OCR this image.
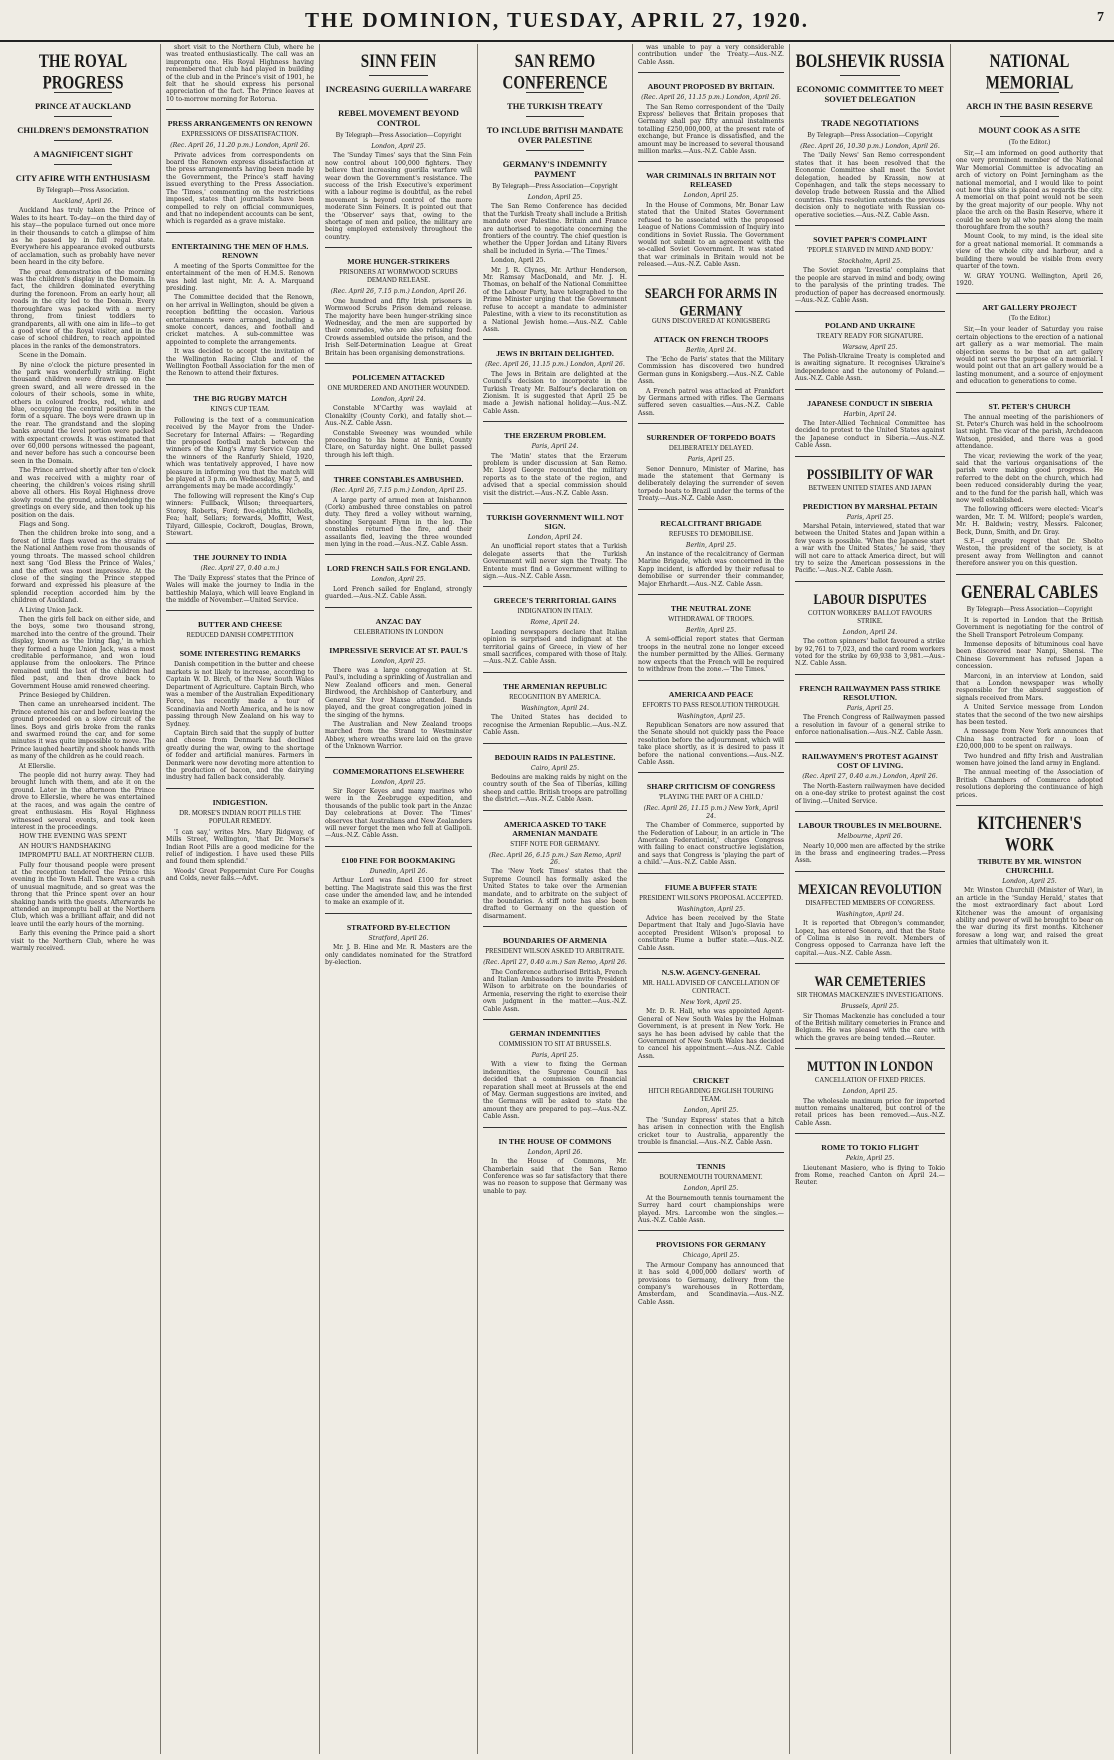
THE DOMINION, TUESDAY, APRIL 27, 1920.	7
THE ROYAL PROGRESS
PRINCE AT AUCKLAND
CHILDREN'S DEMONSTRATION
A MAGNIFICENT SIGHT
CITY AFIRE WITH ENTHUSIASM
By Telegraph—Press Association.
Auckland, April 26.

Auckland has truly taken the Prince of Wales to its heart. To-day—on the third day of his stay—the populace turned out once more in their thousands to catch a glimpse of him as he passed by in full regal state. Everywhere his appearance evoked outbursts of acclamation, such as probably have never been heard in the city before.

The great demonstration of the morning was the children's display in the Domain. In fact, the children dominated everything during the forenoon. From an early hour, all roads in the city led to the Domain. Every thoroughfare was packed with a merry throng, from tiniest toddlers to grandparents, all with one aim in life—to get a good view of the Royal visitor, and in the case of school children, to reach appointed places in the ranks of the demonstrators.

Scene in the Domain.

By nine o'clock the picture presented in the park was wonderfully striking. Eight thousand children were drawn up on the green sward, and all were dressed in the colours of their schools, some in white, others in coloured frocks, red, white and blue, occupying the central position in the form of a square. The boys were drawn up in the rear. The grandstand and the sloping banks around the level portion were packed with expectant crowds. It was estimated that over 60,000 persons witnessed the pageant, and never before has such a concourse been seen in the Domain.

The Prince arrived shortly after ten o'clock and was received with a mighty roar of cheering, the children's voices rising shrill above all others. His Royal Highness drove slowly round the ground, acknowledging the greetings on every side, and then took up his position on the dais.

Flags and Song.

Then the children broke into song, and a forest of little flags waved as the strains of the National Anthem rose from thousands of young throats. The massed school children next sang 'God Bless the Prince of Wales,' and the effect was most impressive. At the close of the singing the Prince stepped forward and expressed his pleasure at the splendid reception accorded him by the children of Auckland.

A Living Union Jack.

Then the girls fell back on either side, and the boys, some two thousand strong, marched into the centre of the ground. Their display, known as 'the living flag,' in which they formed a huge Union Jack, was a most creditable performance, and won loud applause from the onlookers. The Prince remained until the last of the children had filed past, and then drove back to Government House amid renewed cheering.

Prince Besieged by Children.

Then came an unrehearsed incident. The Prince entered his car and before leaving the ground proceeded on a slow circuit of the lines. Boys and girls broke from the ranks and swarmed round the car, and for some minutes it was quite impossible to move. The Prince laughed heartily and shook hands with as many of the children as he could reach.

At Ellerslie.

The people did not hurry away. They had brought lunch with them, and ate it on the ground. Later in the afternoon the Prince drove to Ellerslie, where he was entertained at the races, and was again the centre of great enthusiasm. His Royal Highness witnessed several events, and took keen interest in the proceedings.

HOW THE EVENING WAS SPENT

AN HOUR'S HANDSHAKING

IMPROMPTU BALL AT NORTHERN CLUB.

Fully four thousand people were present at the reception tendered the Prince this evening in the Town Hall. There was a crush of unusual magnitude, and so great was the throng that the Prince spent over an hour shaking hands with the guests. Afterwards he attended an impromptu ball at the Northern Club, which was a brilliant affair, and did not leave until the early hours of the morning.

Early this evening the Prince paid a short visit to the Northern Club, where he was warmly received.

short visit to the Northern Club, where he was treated enthusiastically. The call was an impromptu one. His Royal Highness having remembered that club had played in building of the club and in the Prince's visit of 1901, he felt that he should express his personal appreciation of the fact. The Prince leaves at 10 to-morrow morning for Rotorua.

PRESS ARRANGEMENTS ON RENOWN
EXPRESSIONS OF DISSATISFACTION.
(Rec. April 26, 11.20 p.m.) London, April 26.

Private advices from correspondents on board the Renown express dissatisfaction at the press arrangements having been made by the Government, the Prince's staff having issued everything to the Press Association. The 'Times,' commenting on the restrictions imposed, states that journalists have been compelled to rely on official communiques, and that no independent accounts can be sent, which is regarded as a grave mistake.

ENTERTAINING THE MEN OF H.M.S. RENOWN

A meeting of the Sports Committee for the entertainment of the men of H.M.S. Renown was held last night, Mr. A. A. Marquand presiding.

The Committee decided that the Renown, on her arrival in Wellington, should be given a reception befitting the occasion. Various entertainments were arranged, including a smoke concert, dances, and football and cricket matches. A sub-committee was appointed to complete the arrangements.

It was decided to accept the invitation of the Wellington Racing Club and of the Wellington Football Association for the men of the Renown to attend their fixtures.

THE BIG RUGBY MATCH
KING'S CUP TEAM.

Following is the text of a communication received by the Mayor from the Under-Secretary for Internal Affairs: — 'Regarding the proposed football match between the winners of the King's Army Service Cup and the winners of the Ranfurly Shield, 1920, which was tentatively approved, I have now pleasure in informing you that the match will be played at 3 p.m. on Wednesday, May 5, and arrangements may be made accordingly.'

The following will represent the King's Cup winners: Fullback, Wilson; threequarters, Storey, Roberts, Ford; five-eighths, Nicholls, Fea; half, Sellars; forwards, Moffitt, West, Tilyard, Gillespie, Cockroft, Douglas, Brown, Stewart.

THE JOURNEY TO INDIA
(Rec. April 27, 0.40 a.m.)

The 'Daily Express' states that the Prince of Wales will make the journey to India in the battleship Malaya, which will leave England in the middle of November.—United Service.

BUTTER AND CHEESE
REDUCED DANISH COMPETITION
SOME INTERESTING REMARKS

Danish competition in the butter and cheese markets is not likely to increase, according to Captain W. D. Birch, of the New South Wales Department of Agriculture. Captain Birch, who was a member of the Australian Expeditionary Force, has recently made a tour of Scandinavia and North America, and he is now passing through New Zealand on his way to Sydney.

Captain Birch said that the supply of butter and cheese from Denmark had declined greatly during the war, owing to the shortage of fodder and artificial manures. Farmers in Denmark were now devoting more attention to the production of bacon, and the dairying industry had fallen back considerably.

INDIGESTION.
DR. MORSE'S INDIAN ROOT PILLS THE POPULAR REMEDY.

'I can say,' writes Mrs. Mary Ridgway, of Mills Street, Wellington, 'that Dr. Morse's Indian Root Pills are a good medicine for the relief of indigestion. I have used these Pills and found them splendid.'

Woods' Great Peppermint Cure For Coughs and Colds, never fails.—Advt.

SINN FEIN
INCREASING GUERILLA WARFARE
REBEL MOVEMENT BEYOND CONTROL
By Telegraph—Press Association—Copyright
London, April 25.

The 'Sunday Times' says that the Sinn Fein now control about 100,000 fighters. They believe that increasing guerilla warfare will wear down the Government's resistance. The success of the Irish Executive's experiment with a labour regime is doubtful, as the rebel movement is beyond control of the more moderate Sinn Feiners. It is pointed out that the 'Observer' says that, owing to the shortage of men and police, the military are being employed extensively throughout the country.

MORE HUNGER-STRIKERS
PRISONERS AT WORMWOOD SCRUBS DEMAND RELEASE.
(Rec. April 26, 7.15 p.m.) London, April 26.

One hundred and fifty Irish prisoners in Wormwood Scrubs Prison demand release. The majority have been hunger-striking since Wednesday, and the men are supported by their comrades, who are also refusing food. Crowds assembled outside the prison, and the Irish Self-Determination League at Great Britain has been organising demonstrations.

POLICEMEN ATTACKED
ONE MURDERED AND ANOTHER WOUNDED.
London, April 24.

Constable M'Carthy was waylaid at Clonakilty (County Cork), and fatally shot.—Aus.-N.Z. Cable Assn.

Constable Sweeney was wounded while proceeding to his home at Ennis, County Clare, on Saturday night. One bullet passed through his left thigh.

THREE CONSTABLES AMBUSHED.
(Rec. April 26, 7.15 p.m.) London, April 25.

A large party of armed men at Inishannon (Cork) ambushed three constables on patrol duty. They fired a volley without warning, shooting Sergeant Flynn in the leg. The constables returned the fire, and their assailants fled, leaving the three wounded men lying in the road.—Aus.-N.Z. Cable Assn.

LORD FRENCH SAILS FOR ENGLAND.
London, April 25.

Lord French sailed for England, strongly guarded.—Aus.-N.Z. Cable Assn.

ANZAC DAY
CELEBRATIONS IN LONDON
IMPRESSIVE SERVICE AT ST. PAUL'S
London, April 25.

There was a large congregation at St. Paul's, including a sprinkling of Australian and New Zealand officers and men. General Birdwood, the Archbishop of Canterbury, and General Sir Ivor Maxse attended. Bands played, and the great congregation joined in the singing of the hymns.

The Australian and New Zealand troops marched from the Strand to Westminster Abbey, where wreaths were laid on the grave of the Unknown Warrior.

COMMEMORATIONS ELSEWHERE
London, April 25.

Sir Roger Keyes and many marines who were in the Zeebrugge expedition, and thousands of the public took part in the Anzac Day celebrations at Dover. The 'Times' observes that Australians and New Zealanders will never forget the men who fell at Gallipoli.—Aus.-N.Z. Cable Assn.

£100 FINE FOR BOOKMAKING
Dunedin, April 26.

Arthur Lord was fined £100 for street betting. The Magistrate said this was the first case under the amended law, and he intended to make an example of it.

STRATFORD BY-ELECTION
Stratford, April 26.

Mr. J. B. Hine and Mr. R. Masters are the only candidates nominated for the Stratford by-election.

SAN REMO CONFERENCE
THE TURKISH TREATY
TO INCLUDE BRITISH MANDATE OVER PALESTINE
GERMANY'S INDEMNITY PAYMENT
By Telegraph—Press Association—Copyright
London, April 25.

The San Remo Conference has decided that the Turkish Treaty shall include a British mandate over Palestine. Britain and France are authorised to negotiate concerning the frontiers of the country. The chief question is whether the Upper Jordan and Litany Rivers shall be included in Syria.—'The Times.'

London, April 25.

Mr. J. R. Clynes, Mr. Arthur Henderson, Mr. Ramsay MacDonald, and Mr. J. H. Thomas, on behalf of the National Committee of the Labour Party, have telegraphed to the Prime Minister urging that the Government refuse to accept a mandate to administer Palestine, with a view to its reconstitution as a National Jewish home.—Aus.-N.Z. Cable Assn.

JEWS IN BRITAIN DELIGHTED.
(Rec. April 26, 11.15 p.m.) London, April 26.

The Jews in Britain are delighted at the Council's decision to incorporate in the Turkish Treaty Mr. Balfour's declaration on Zionism. It is suggested that April 25 be made a Jewish national holiday.—Aus.-N.Z. Cable Assn.

THE ERZERUM PROBLEM.
Paris, April 24.

The 'Matin' states that the Erzerum problem is under discussion at San Remo. Mr. Lloyd George recounted the military reports as to the state of the region, and advised that a special commission should visit the district.—Aus.-N.Z. Cable Assn.

TURKISH GOVERNMENT WILL NOT SIGN.
London, April 24.

An unofficial report states that a Turkish delegate asserts that the Turkish Government will never sign the Treaty. The Entente must find a Government willing to sign.—Aus.-N.Z. Cable Assn.

GREECE'S TERRITORIAL GAINS
INDIGNATION IN ITALY.
Rome, April 24.

Leading newspapers declare that Italian opinion is surprised and indignant at the territorial gains of Greece, in view of her small sacrifices, compared with those of Italy.—Aus.-N.Z. Cable Assn.

THE ARMENIAN REPUBLIC
RECOGNITION BY AMERICA.
Washington, April 24.

The United States has decided to recognise the Armenian Republic.—Aus.-N.Z. Cable Assn.

BEDOUIN RAIDS IN PALESTINE.
Cairo, April 25.

Bedouins are making raids by night on the country south of the Sea of Tiberias, killing sheep and cattle. British troops are patrolling the district.—Aus.-N.Z. Cable Assn.

AMERICA ASKED TO TAKE ARMENIAN MANDATE
STIFF NOTE FOR GERMANY.
(Rec. April 26, 6.15 p.m.) San Remo, April 26.

The 'New York Times' states that the Supreme Council has formally asked the United States to take over the Armenian mandate, and to arbitrate on the subject of the boundaries. A stiff note has also been drafted to Germany on the question of disarmament.

BOUNDARIES OF ARMENIA
PRESIDENT WILSON ASKED TO ARBITRATE.
(Rec. April 27, 0.40 a.m.) San Remo, April 26.

The Conference authorised British, French and Italian Ambassadors to invite President Wilson to arbitrate on the boundaries of Armenia, reserving the right to exercise their own judgment in the matter.—Aus.-N.Z. Cable Assn.

GERMAN INDEMNITIES
COMMISSION TO SIT AT BRUSSELS.
Paris, April 25.

With a view to fixing the German indemnities, the Supreme Council has decided that a commission on financial reparation shall meet at Brussels at the end of May. German suggestions are invited, and the Germans will be asked to state the amount they are prepared to pay.—Aus.-N.Z. Cable Assn.

IN THE HOUSE OF COMMONS
London, April 26.

In the House of Commons, Mr. Chamberlain said that the San Remo Conference was so far satisfactory that there was no reason to suppose that Germany was unable to pay.

was unable to pay a very considerable contribution under the Treaty.—Aus.-N.Z. Cable Assn.

ABOUNT PROPOSED BY BRITAIN.
(Rec. April 26, 11.15 p.m.) London, April 26.

The San Remo correspondent of the 'Daily Express' believes that Britain proposes that Germany shall pay fifty annual instalments totalling £250,000,000, at the present rate of exchange, but France is dissatisfied, and the amount may be increased to several thousand million marks.—Aus.-N.Z. Cable Assn.

WAR CRIMINALS IN BRITAIN NOT RELEASED
London, April 25.

In the House of Commons, Mr. Bonar Law stated that the United States Government refused to be associated with the proposed League of Nations Commission of Inquiry into conditions in Soviet Russia. The Government would not submit to an agreement with the so-called Soviet Government. It was stated that war criminals in Britain would not be released.—Aus.-N.Z. Cable Assn.

SEARCH FOR ARMS IN GERMANY
GUNS DISCOVERED AT KONIGSBERG
ATTACK ON FRENCH TROOPS
Berlin, April 24.

The 'Echo de Paris' states that the Military Commission has discovered two hundred German guns in Konigsberg.—Aus.-N.Z. Cable Assn.

A French patrol was attacked at Frankfort by Germans armed with rifles. The Germans suffered seven casualties.—Aus.-N.Z. Cable Assn.

SURRENDER OF TORPEDO BOATS
DELIBERATELY DELAYED.
Paris, April 25.

Senor Dennuro, Minister of Marine, has made the statement that Germany is deliberately delaying the surrender of seven torpedo boats to Brazil under the terms of the Treaty.—Aus.-N.Z. Cable Assn.

RECALCITRANT BRIGADE
REFUSES TO DEMOBILISE.
Berlin, April 25.

An instance of the recalcitrancy of German Marine Brigade, which was concerned in the Kapp incident, is afforded by their refusal to demobilise or surrender their commander, Major Ehrhardt.—Aus.-N.Z. Cable Assn.

THE NEUTRAL ZONE
WITHDRAWAL OF TROOPS.
Berlin, April 25.

A semi-official report states that German troops in the neutral zone no longer exceed the number permitted by the Allies. Germany now expects that the French will be required to withdraw from the zone.—'The Times.'

AMERICA AND PEACE
EFFORTS TO PASS RESOLUTION THROUGH.
Washington, April 25.

Republican Senators are now assured that the Senate should not quickly pass the Peace resolution before the adjournment, which will take place shortly, as it is desired to pass it before the national conventions.—Aus.-N.Z. Cable Assn.

SHARP CRITICISM OF CONGRESS
'PLAYING THE PART OF A CHILD.'
(Rec. April 26, 11.15 p.m.) New York, April 24.

The Chamber of Commerce, supported by the Federation of Labour, in an article in 'The American Federationist,' charges Congress with failing to enact constructive legislation, and says that Congress is 'playing the part of a child.'—Aus.-N.Z. Cable Assn.

FIUME A BUFFER STATE
PRESIDENT WILSON'S PROPOSAL ACCEPTED.
Washington, April 25.

Advice has been received by the State Department that Italy and Jugo-Slavia have accepted President Wilson's proposal to constitute Fiume a buffer state.—Aus.-N.Z. Cable Assn.

N.S.W. AGENCY-GENERAL
MR. HALL ADVISED OF CANCELLATION OF CONTRACT.
New York, April 25.

Mr. D. R. Hall, who was appointed Agent-General of New South Wales by the Holman Government, is at present in New York. He says he has been advised by cable that the Government of New South Wales has decided to cancel his appointment.—Aus.-N.Z. Cable Assn.

CRICKET
HITCH REGARDING ENGLISH TOURING TEAM.
London, April 25.

The 'Sunday Express' states that a hitch has arisen in connection with the English cricket tour to Australia, apparently the trouble is financial.—Aus.-N.Z. Cable Assn.

TENNIS
BOURNEMOUTH TOURNAMENT.
London, April 25.

At the Bournemouth tennis tournament the Surrey hard court championships were played. Mrs. Larcombe won the singles.—Aus.-N.Z. Cable Assn.

PROVISIONS FOR GERMANY
Chicago, April 25.

The Armour Company has announced that it has sold 4,000,000 dollars' worth of provisions to Germany, delivery from the company's warehouses in Rotterdam, Amsterdam, and Scandinavia.—Aus.-N.Z. Cable Assn.

BOLSHEVIK RUSSIA
ECONOMIC COMMITTEE TO MEET SOVIET DELEGATION
TRADE NEGOTIATIONS
By Telegraph—Press Association—Copyright
(Rec. April 26, 10.30 p.m.) London, April 26.

The 'Daily News' San Remo correspondent states that it has been resolved that the Economic Committee shall meet the Soviet delegation, headed by Krassin, now at Copenhagen, and talk the steps necessary to develop trade between Russia and the Allied countries. This resolution extends the previous decision only to negotiate with Russian co-operative societies.—Aus.-N.Z. Cable Assn.

SOVIET PAPER'S COMPLAINT
'PEOPLE STARVED IN MIND AND BODY.'
Stockholm, April 25.

The Soviet organ 'Izvestia' complains that the people are starved in mind and body, owing to the paralysis of the printing trades. The production of paper has decreased enormously.—Aus.-N.Z. Cable Assn.

POLAND AND UKRAINE
TREATY READY FOR SIGNATURE.
Warsaw, April 25.

The Polish-Ukraine Treaty is completed and is awaiting signature. It recognises Ukraine's independence and the autonomy of Poland.—Aus.-N.Z. Cable Assn.

JAPANESE CONDUCT IN SIBERIA
Harbin, April 24.

The Inter-Allied Technical Committee has decided to protest to the United States against the Japanese conduct in Siberia.—Aus.-N.Z. Cable Assn.

POSSIBILITY OF WAR
BETWEEN UNITED STATES AND JAPAN
PREDICTION BY MARSHAL PETAIN
Paris, April 25.

Marshal Petain, interviewed, stated that war between the United States and Japan within a few years is possible. 'When the Japanese start a war with the United States,' he said, 'they will not care to attack America direct, but will try to seize the American possessions in the Pacific.'—Aus.-N.Z. Cable Assn.

LABOUR DISPUTES
COTTON WORKERS' BALLOT FAVOURS STRIKE.
London, April 24.

The cotton spinners' ballot favoured a strike by 92,761 to 7,023, and the card room workers voted for the strike by 69,938 to 3,981.—Aus.-N.Z. Cable Assn.

FRENCH RAILWAYMEN PASS STRIKE RESOLUTION.
Paris, April 25.

The French Congress of Railwaymen passed a resolution in favour of a general strike to enforce nationalisation.—Aus.-N.Z. Cable Assn.

RAILWAYMEN'S PROTEST AGAINST COST OF LIVING.
(Rec. April 27, 0.40 a.m.) London, April 26.

The North-Eastern railwaymen have decided on a one-day strike to protest against the cost of living.—United Service.

LABOUR TROUBLES IN MELBOURNE.
Melbourne, April 26.

Nearly 10,000 men are affected by the strike in the brass and engineering trades.—Press Assn.

MEXICAN REVOLUTION
DISAFFECTED MEMBERS OF CONGRESS.
Washington, April 24.

It is reported that Obregon's commander, Lopez, has entered Sonora, and that the State of Colima is also in revolt. Members of Congress opposed to Carranza have left the capital.—Aus.-N.Z. Cable Assn.

WAR CEMETERIES
SIR THOMAS MACKENZIE'S INVESTIGATIONS.
Brussels, April 25.

Sir Thomas Mackenzie has concluded a tour of the British military cemeteries in France and Belgium. He was pleased with the care with which the graves are being tended.—Reuter.

MUTTON IN LONDON
CANCELLATION OF FIXED PRICES.
London, April 25.

The wholesale maximum price for imported mutton remains unaltered, but control of the retail prices has been removed.—Aus.-N.Z. Cable Assn.

ROME TO TOKIO FLIGHT
Pekin, April 25.

Lieutenant Masiero, who is flying to Tokio from Rome, reached Canton on April 24.—Reuter.

NATIONAL MEMORIAL
ARCH IN THE BASIN RESERVE
MOUNT COOK AS A SITE
(To the Editor.)

Sir,—I am informed on good authority that one very prominent member of the National War Memorial Committee is advocating an arch of victory on Point Jerningham as the national memorial, and I would like to point out how this site is placed as regards the city. A memorial on that point would not be seen by the great majority of our people. Why not place the arch on the Basin Reserve, where it could be seen by all who pass along the main thoroughfare from the south?

Mount Cook, to my mind, is the ideal site for a great national memorial. It commands a view of the whole city and harbour, and a building there would be visible from every quarter of the town.

W. GRAY YOUNG. Wellington, April 26, 1920.

ART GALLERY PROJECT
(To the Editor.)

Sir,—In your leader of Saturday you raise certain objections to the erection of a national art gallery as a war memorial. The main objection seems to be that an art gallery would not serve the purpose of a memorial. I would point out that an art gallery would be a lasting monument, and a source of enjoyment and education to generations to come.

ST. PETER'S CHURCH

The annual meeting of the parishioners of St. Peter's Church was held in the schoolroom last night. The vicar of the parish, Archdeacon Watson, presided, and there was a good attendance.

The vicar, reviewing the work of the year, said that the various organisations of the parish were making good progress. He referred to the debt on the church, which had been reduced considerably during the year, and to the fund for the parish hall, which was now well established.

The following officers were elected: Vicar's warden, Mr. T. M. Wilford; people's warden, Mr. H. Baldwin; vestry, Messrs. Falconer, Beck, Dunn, Smith, and Dr. Gray.

S.F.—I greatly regret that Dr. Sholto Weston, the president of the society, is at present away from Wellington and cannot therefore answer you on this question.

GENERAL CABLES
By Telegraph—Press Association—Copyright

It is reported in London that the British Government is negotiating for the control of the Shell Transport Petroleum Company.

Immense deposits of bituminous coal have been discovered near Nanpi, Shensi. The Chinese Government has refused Japan a concession.

Marconi, in an interview at London, said that a London newspaper was wholly responsible for the absurd suggestion of signals received from Mars.

A United Service message from London states that the second of the two new airships has been tested.

A message from New York announces that China has contracted for a loan of £20,000,000 to be spent on railways.

Two hundred and fifty Irish and Australian women have joined the land army in England.

The annual meeting of the Association of British Chambers of Commerce adopted resolutions deploring the continuance of high prices.

KITCHENER'S WORK
TRIBUTE BY MR. WINSTON CHURCHILL
London, April 25.

Mr. Winston Churchill (Minister of War), in an article in the 'Sunday Herald,' states that the most extraordinary fact about Lord Kitchener was the amount of organising ability and power of will he brought to bear on the war during its first months. Kitchener foresaw a long war, and raised the great armies that ultimately won it.
